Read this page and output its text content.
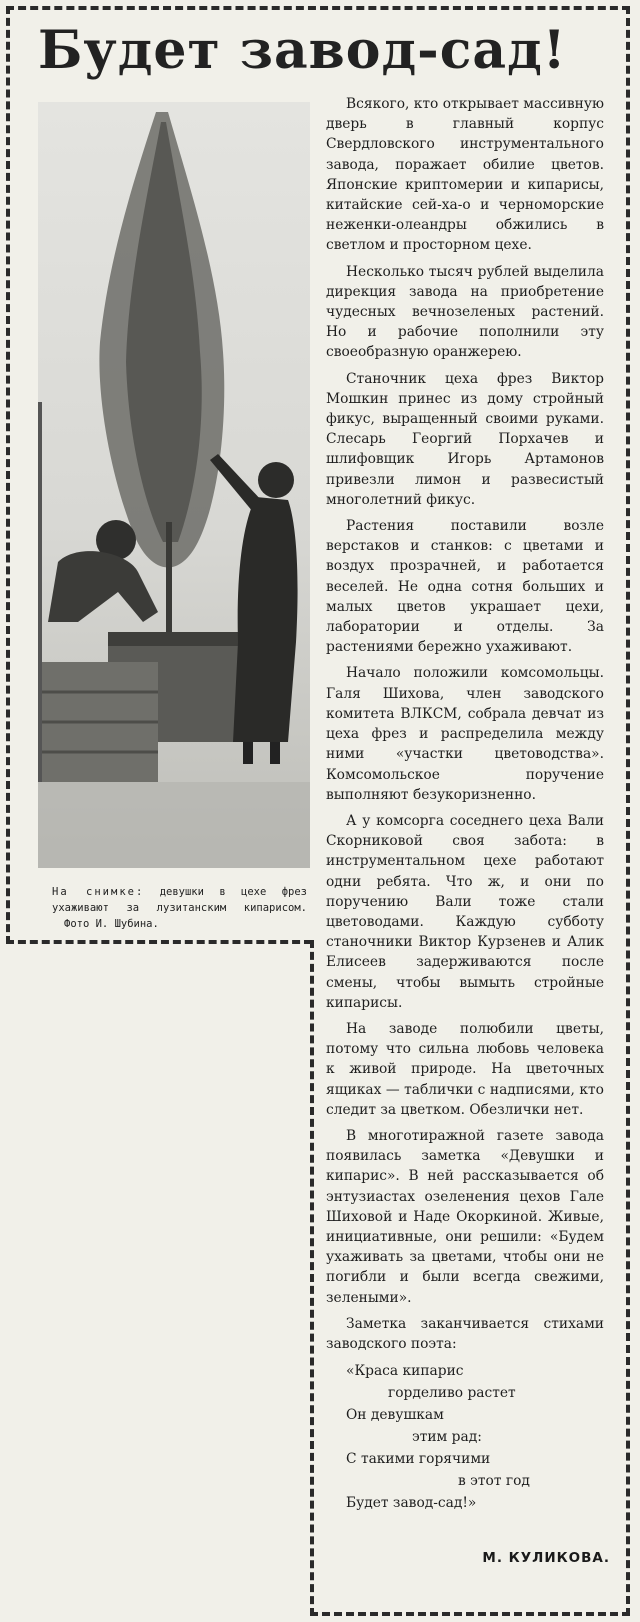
Будет завод-сад!
На снимке: девушки в цехе фрез ухаживают за лузитанским кипарисом. Фото И. Шубина.

Всякого, кто открывает массивную дверь в главный корпус Свердловского инструментального завода, поражает обилие цветов. Японские криптомерии и кипарисы, китайские сей-ха-о и черноморские неженки-олеандры обжились в светлом и просторном цехе.

Несколько тысяч рублей выделила дирекция завода на приобретение чудесных вечнозеленых растений. Но и рабочие пополнили эту своеобразную оранжерею.

Станочник цеха фрез Виктор Мошкин принес из дому стройный фикус, выращенный своими руками. Слесарь Георгий Порхачев и шлифовщик Игорь Артамонов привезли лимон и развесистый многолетний фикус.

Растения поставили возле верстаков и станков: с цветами и воздух прозрачней, и работается веселей. Не одна сотня больших и малых цветов украшает цехи, лаборатории и отделы. За растениями бережно ухаживают.

Начало положили комсомольцы. Галя Шихова, член заводского комитета ВЛКСМ, собрала девчат из цеха фрез и распределила между ними «участки цветоводства». Комсомольское поручение выполняют безукоризненно.

А у комсорга соседнего цеха Вали Скорниковой своя забота: в инструментальном цехе работают одни ребята. Что ж, и они по поручению Вали тоже стали цветоводами. Каждую субботу станочники Виктор Курзенев и Алик Елисеев задерживаются после смены, чтобы вымыть стройные кипарисы.

На заводе полюбили цветы, потому что сильна любовь человека к живой природе. На цветочных ящиках — таблички с надписями, кто следит за цветком. Обезлички нет.

В многотиражной газете завода появилась заметка «Девушки и кипарис». В ней рассказывается об энтузиастах озеленения цехов Гале Шиховой и Наде Окоркиной. Живые, инициативные, они решили: «Будем ухаживать за цветами, чтобы они не погибли и были всегда свежими, зелеными».

Заметка заканчивается стихами заводского поэта:

«Краса кипарис
горделиво растет
Он девушкам
этим рад:
С такими горячими
в этот год
Будет завод-сад!»
М. КУЛИКОВА.
